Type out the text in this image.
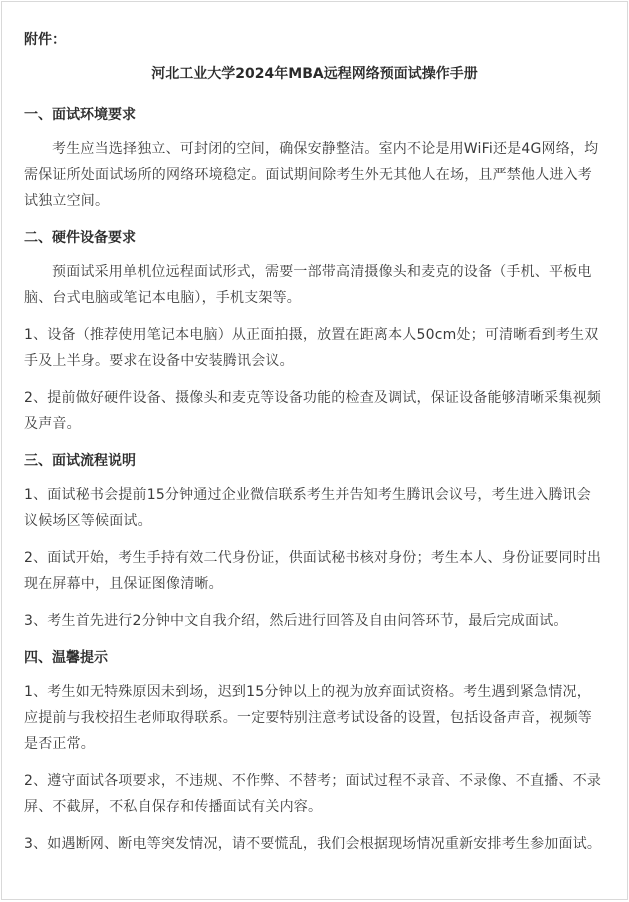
附件：
河北工业大学2024年MBA远程网络预面试操作手册
一、面试环境要求

考生应当选择独立、可封闭的空间，确保安静整洁。室内不论是用WiFi还是4G网络，均需保证所处面试场所的网络环境稳定。面试期间除考生外无其他人在场，且严禁他人进入考试独立空间。

二、硬件设备要求

预面试采用单机位远程面试形式，需要一部带高清摄像头和麦克的设备（手机、平板电脑、台式电脑或笔记本电脑），手机支架等。

1、设备（推荐使用笔记本电脑）从正面拍摄，放置在距离本人50cm处；可清晰看到考生双手及上半身。要求在设备中安装腾讯会议。

2、提前做好硬件设备、摄像头和麦克等设备功能的检查及调试，保证设备能够清晰采集视频及声音。

三、面试流程说明

1、面试秘书会提前15分钟通过企业微信联系考生并告知考生腾讯会议号，考生进入腾讯会议候场区等候面试。

2、面试开始，考生手持有效二代身份证，供面试秘书核对身份；考生本人、身份证要同时出现在屏幕中，且保证图像清晰。

3、考生首先进行2分钟中文自我介绍，然后进行回答及自由问答环节，最后完成面试。

四、温馨提示

1、考生如无特殊原因未到场，迟到15分钟以上的视为放弃面试资格。考生遇到紧急情况，应提前与我校招生老师取得联系。一定要特别注意考试设备的设置，包括设备声音，视频等是否正常。

2、遵守面试各项要求，不违规、不作弊、不替考；面试过程不录音、不录像、不直播、不录屏、不截屏，不私自保存和传播面试有关内容。

3、如遇断网、断电等突发情况，请不要慌乱，我们会根据现场情况重新安排考生参加面试。
